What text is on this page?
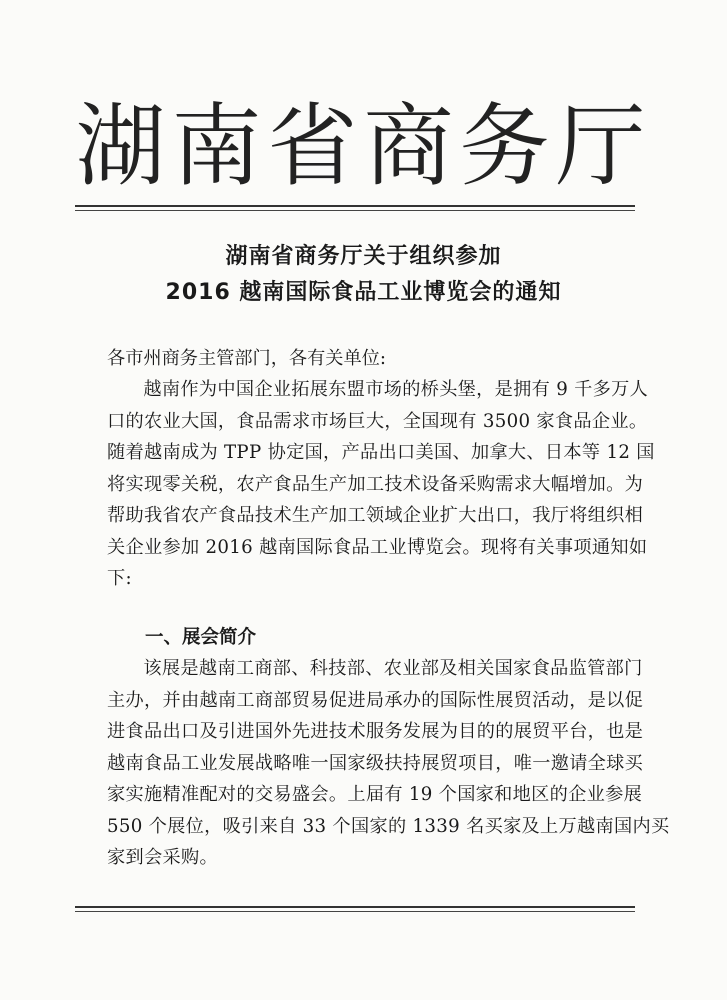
湖南省商务厅
湖南省商务厅关于组织参加
2016 越南国际食品工业博览会的通知
各市州商务主管部门，各有关单位:
越南作为中国企业拓展东盟市场的桥头堡，是拥有 9 千多万人
口的农业大国，食品需求市场巨大，全国现有 3500 家食品企业。
随着越南成为 TPP 协定国，产品出口美国、加拿大、日本等 12 国
将实现零关税，农产食品生产加工技术设备采购需求大幅增加。为
帮助我省农产食品技术生产加工领域企业扩大出口，我厅将组织相
关企业参加 2016 越南国际食品工业博览会。现将有关事项通知如
下:
一、展会简介
该展是越南工商部、科技部、农业部及相关国家食品监管部门
主办，并由越南工商部贸易促进局承办的国际性展贸活动，是以促
进食品出口及引进国外先进技术服务发展为目的的展贸平台，也是
越南食品工业发展战略唯一国家级扶持展贸项目，唯一邀请全球买
家实施精准配对的交易盛会。上届有 19 个国家和地区的企业参展
550 个展位，吸引来自 33 个国家的 1339 名买家及上万越南国内买
家到会采购。
